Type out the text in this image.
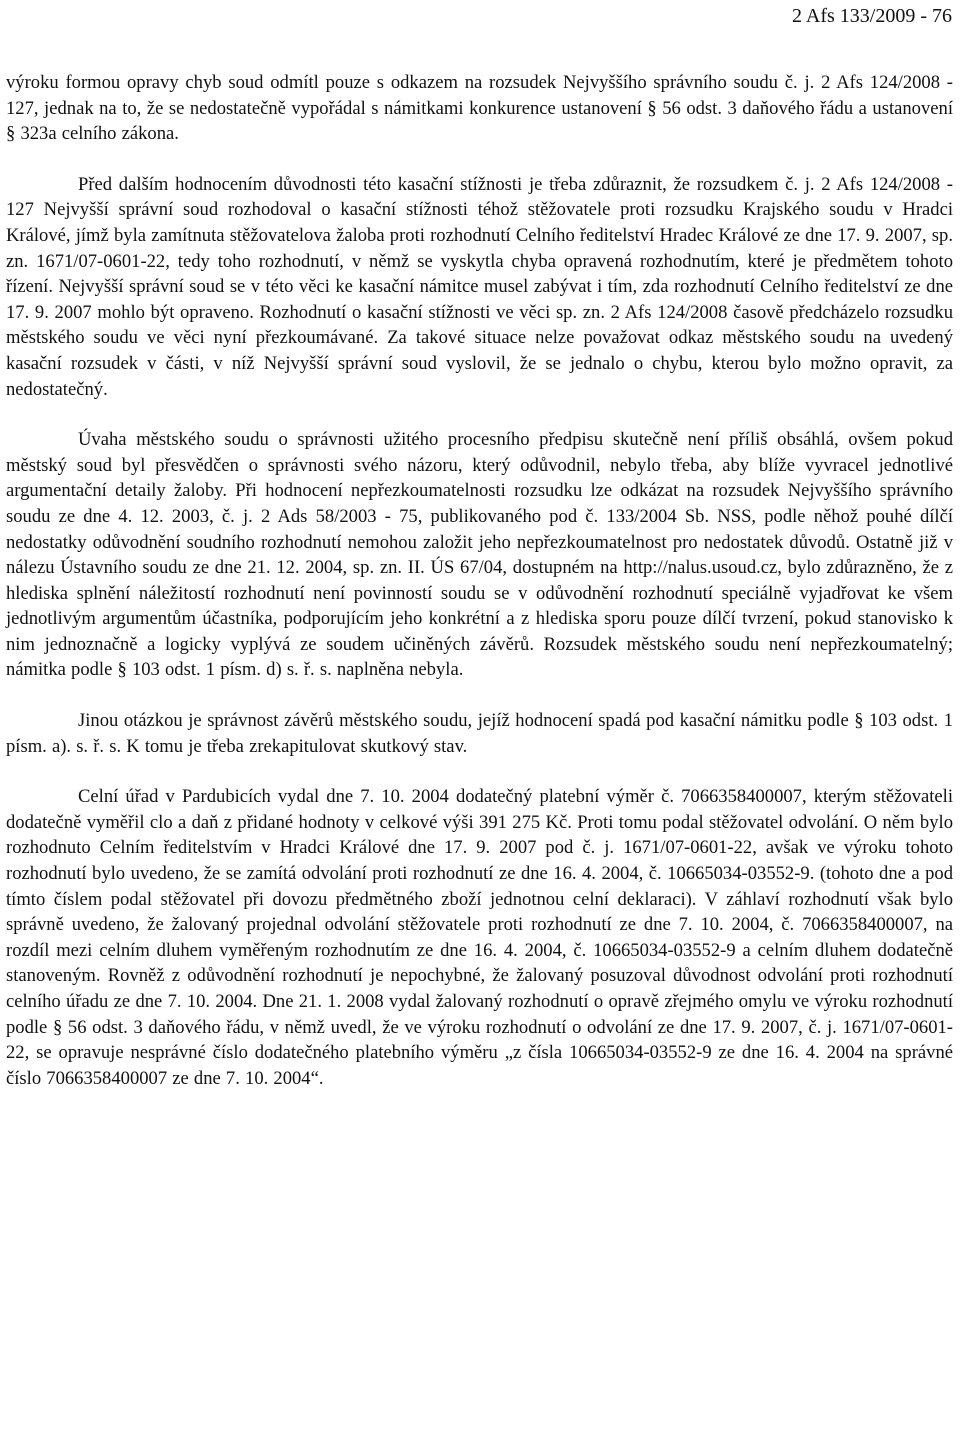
2 Afs 133/2009 - 76

výroku formou opravy chyb soud odmítl pouze s odkazem na rozsudek Nejvyššího správního soudu č. j. 2 Afs 124/2008 - 127, jednak na to, že se nedostatečně vypořádal s námitkami konkurence ustanovení § 56 odst. 3 daňového řádu a ustanovení § 323a celního zákona.

Před dalším hodnocením důvodnosti této kasační stížnosti je třeba zdůraznit, že rozsudkem č. j. 2 Afs 124/2008 - 127 Nejvyšší správní soud rozhodoval o kasační stížnosti téhož stěžovatele proti rozsudku Krajského soudu v Hradci Králové, jímž byla zamítnuta stěžovatelova žaloba proti rozhodnutí Celního ředitelství Hradec Králové ze dne 17. 9. 2007, sp. zn. 1671/07-0601-22, tedy toho rozhodnutí, v němž se vyskytla chyba opravená rozhodnutím, které je předmětem tohoto řízení. Nejvyšší správní soud se v této věci ke kasační námitce musel zabývat i tím, zda rozhodnutí Celního ředitelství ze dne 17. 9. 2007 mohlo být opraveno. Rozhodnutí o kasační stížnosti ve věci sp. zn. 2 Afs 124/2008 časově předcházelo rozsudku městského soudu ve věci nyní přezkoumávané. Za takové situace nelze považovat odkaz městského soudu na uvedený kasační rozsudek v části, v níž Nejvyšší správní soud vyslovil, že se jednalo o chybu, kterou bylo možno opravit, za nedostatečný.

Úvaha městského soudu o správnosti užitého procesního předpisu skutečně není příliš obsáhlá, ovšem pokud městský soud byl přesvědčen o správnosti svého názoru, který odůvodnil, nebylo třeba, aby blíže vyvracel jednotlivé argumentační detaily žaloby. Při hodnocení nepřezkoumatelnosti rozsudku lze odkázat na rozsudek Nejvyššího správního soudu ze dne 4. 12. 2003, č. j. 2 Ads 58/2003 - 75, publikovaného pod č. 133/2004 Sb. NSS, podle něhož pouhé dílčí nedostatky odůvodnění soudního rozhodnutí nemohou založit jeho nepřezkoumatelnost pro nedostatek důvodů. Ostatně již v nálezu Ústavního soudu ze dne 21. 12. 2004, sp. zn. II. ÚS 67/04, dostupném na http://nalus.usoud.cz, bylo zdůrazněno, že z hlediska splnění náležitostí rozhodnutí není povinností soudu se v odůvodnění rozhodnutí speciálně vyjadřovat ke všem jednotlivým argumentům účastníka, podporujícím jeho konkrétní a z hlediska sporu pouze dílčí tvrzení, pokud stanovisko k nim jednoznačně a logicky vyplývá ze soudem učiněných závěrů. Rozsudek městského soudu není nepřezkoumatelný; námitka podle § 103 odst. 1 písm. d) s. ř. s. naplněna nebyla.

Jinou otázkou je správnost závěrů městského soudu, jejíž hodnocení spadá pod kasační námitku podle § 103 odst. 1 písm. a). s. ř. s. K tomu je třeba zrekapitulovat skutkový stav.

Celní úřad v Pardubicích vydal dne 7. 10. 2004 dodatečný platební výměr č. 7066358400007, kterým stěžovateli dodatečně vyměřil clo a daň z přidané hodnoty v celkové výši 391 275 Kč. Proti tomu podal stěžovatel odvolání. O něm bylo rozhodnuto Celním ředitelstvím v Hradci Králové dne 17. 9. 2007 pod č. j. 1671/07-0601-22, avšak ve výroku tohoto rozhodnutí bylo uvedeno, že se zamítá odvolání proti rozhodnutí ze dne 16. 4. 2004, č. 10665034-03552-9. (tohoto dne a pod tímto číslem podal stěžovatel při dovozu předmětného zboží jednotnou celní deklaraci). V záhlaví rozhodnutí však bylo správně uvedeno, že žalovaný projednal odvolání stěžovatele proti rozhodnutí ze dne 7. 10. 2004, č. 7066358400007, na rozdíl mezi celním dluhem vyměřeným rozhodnutím ze dne 16. 4. 2004, č. 10665034-03552-9 a celním dluhem dodatečně stanoveným. Rovněž z odůvodnění rozhodnutí je nepochybné, že žalovaný posuzoval důvodnost odvolání proti rozhodnutí celního úřadu ze dne 7. 10. 2004. Dne 21. 1. 2008 vydal žalovaný rozhodnutí o opravě zřejmého omylu ve výroku rozhodnutí podle § 56 odst. 3 daňového řádu, v němž uvedl, že ve výroku rozhodnutí o odvolání ze dne 17. 9. 2007, č. j. 1671/07-0601-22, se opravuje nesprávné číslo dodatečného platebního výměru „z čísla 10665034-03552-9 ze dne 16. 4. 2004 na správné číslo 7066358400007 ze dne 7. 10. 2004“.
